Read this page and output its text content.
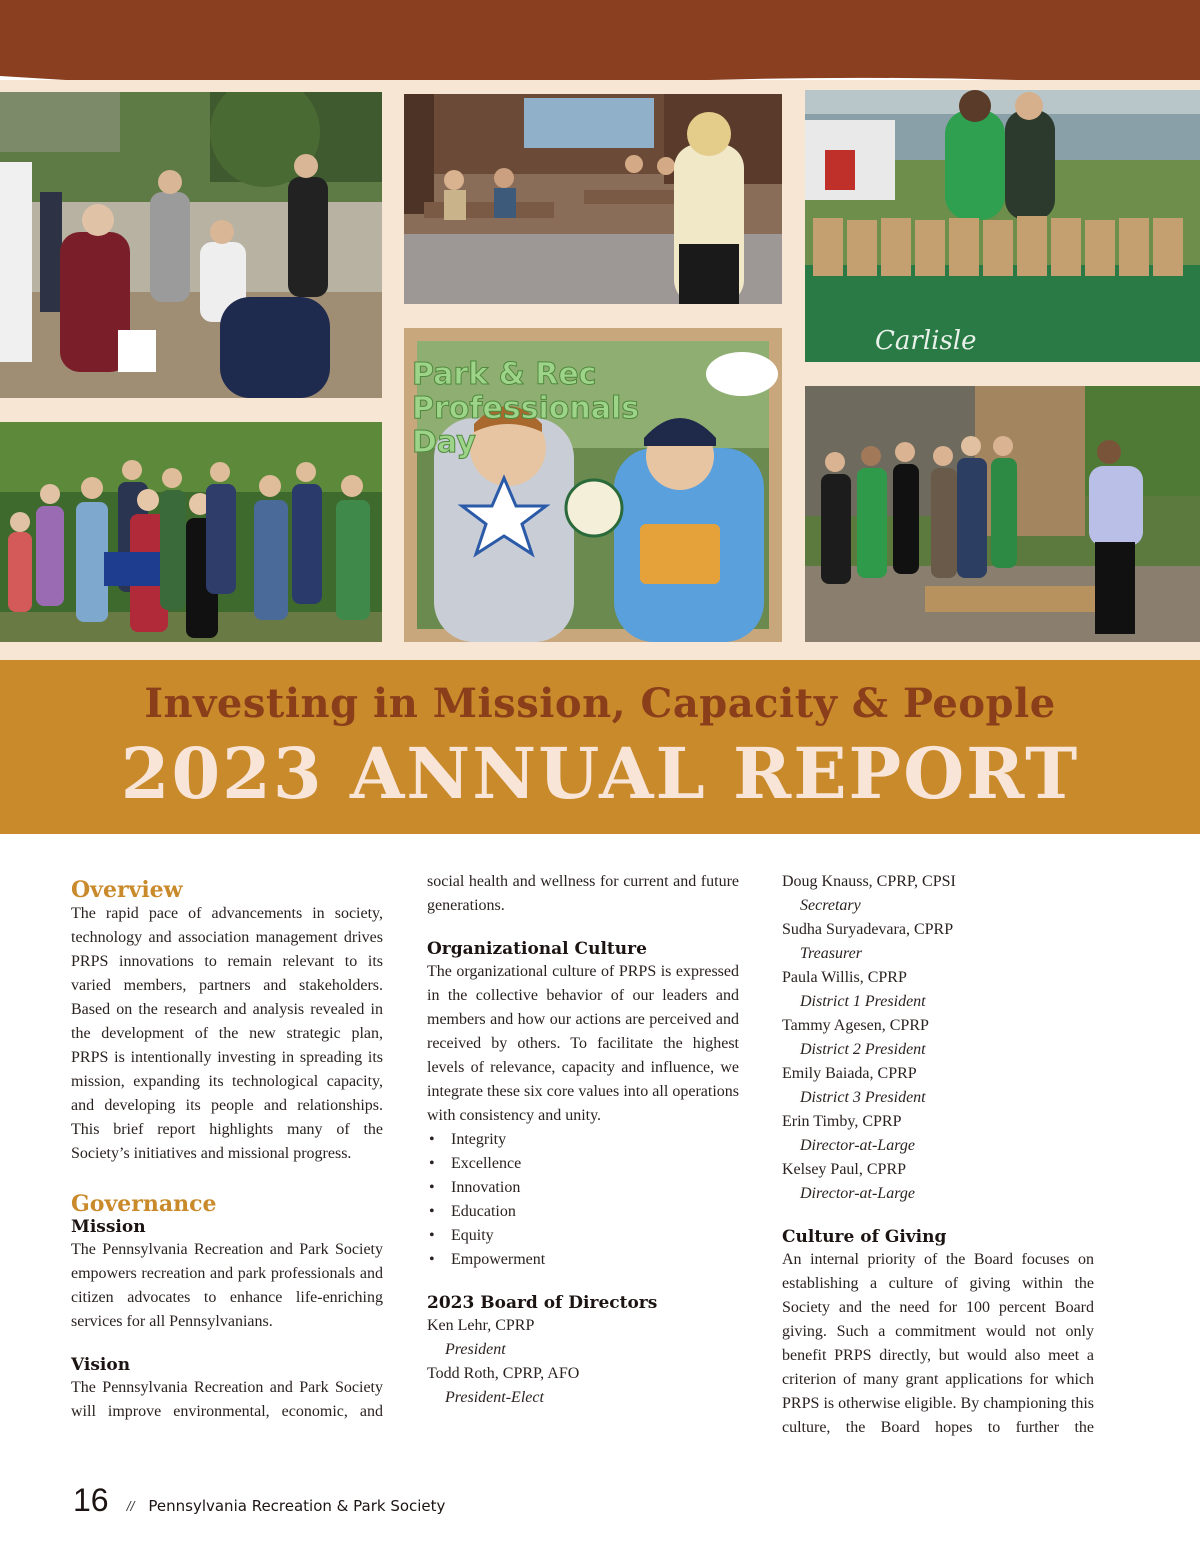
Carlisle
Park & Rec Professionals Day
Investing in Mission, Capacity & People
2023 ANNUAL REPORT
Overview

The rapid pace of advancements in society, technology and association management drives PRPS innovations to remain relevant to its varied members, partners and stakeholders. Based on the research and analysis revealed in the development of the new strategic plan, PRPS is intentionally investing in spreading its mission, expanding its technological capacity, and developing its people and relationships. This brief report highlights many of the Society’s initiatives and missional progress.

Governance
Mission

The Pennsylvania Recreation and Park Society empowers recreation and park professionals and citizen advocates to enhance life-enriching services for all Pennsylvanians.

Vision

The Pennsylvania Recreation and Park Society will improve environmental, economic, and

social health and wellness for current and future generations.

Organizational Culture

The organizational culture of PRPS is expressed in the collective behavior of our leaders and members and how our actions are perceived and received by others. To facilitate the highest levels of relevance, capacity and influence, we integrate these six core values into all operations with consistency and unity.

• Integrity
• Excellence
• Innovation
• Education
• Equity
• Empowerment
2023 Board of Directors
Ken Lehr, CPRP
President
Todd Roth, CPRP, AFO
President-Elect
Doug Knauss, CPRP, CPSI
Secretary
Sudha Suryadevara, CPRP
Treasurer
Paula Willis, CPRP
District 1 President
Tammy Agesen, CPRP
District 2 President
Emily Baiada, CPRP
District 3 President
Erin Timby, CPRP
Director-at-Large
Kelsey Paul, CPRP
Director-at-Large
Culture of Giving

An internal priority of the Board focuses on establishing a culture of giving within the Society and the need for 100 percent Board giving. Such a commitment would not only benefit PRPS directly, but would also meet a criterion of many grant applications for which PRPS is otherwise eligible. By championing this culture, the Board hopes to further the

16 // Pennsylvania Recreation & Park Society
